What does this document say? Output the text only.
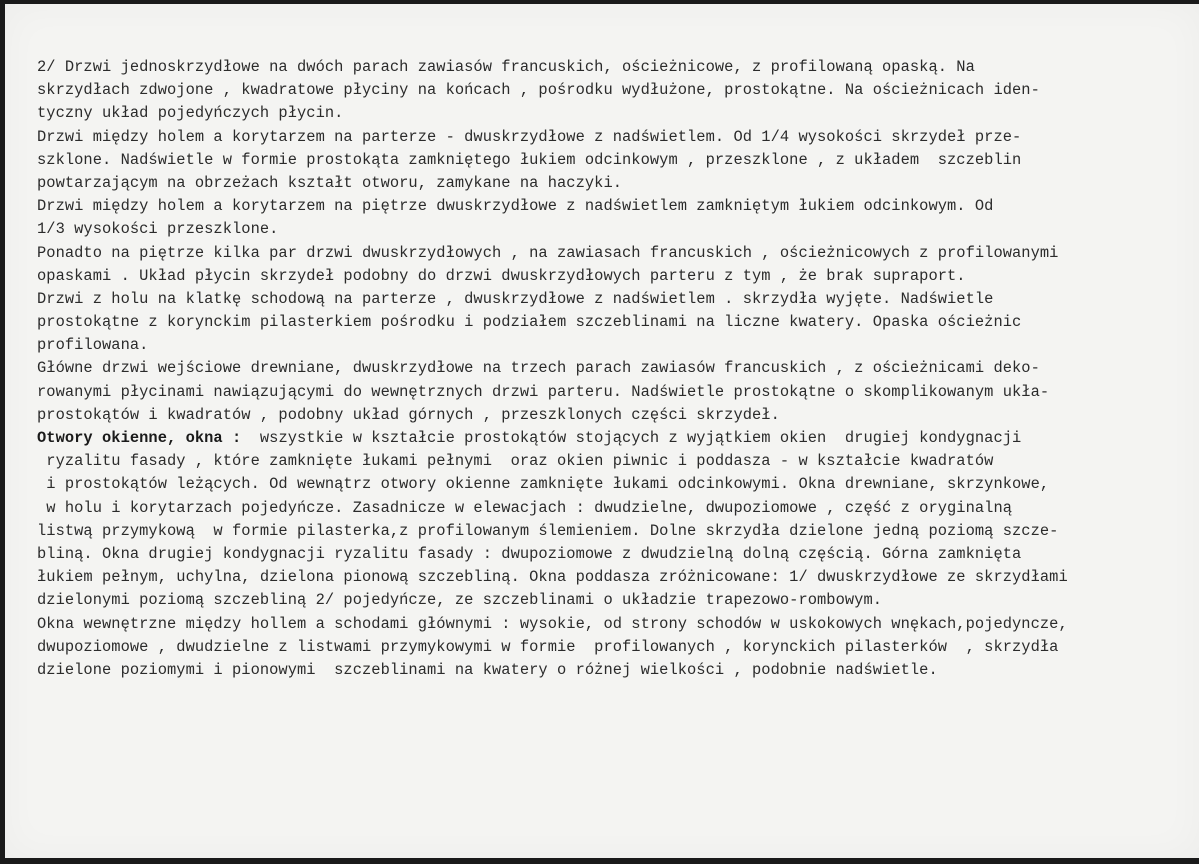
2/ Drzwi jednoskrzydłowe na dwóch parach zawiasów francuskich, ościeżnicowe, z profilowaną opaską. Na
skrzydłach zdwojone , kwadratowe płyciny na końcach , pośrodku wydłużone, prostokątne. Na ościeżnicach iden-
tyczny układ pojedyńczych płycin.
Drzwi między holem a korytarzem na parterze - dwuskrzydłowe z nadświetlem. Od 1/4 wysokości skrzydeł prze-
szklone. Nadświetle w formie prostokąta zamkniętego łukiem odcinkowym , przeszklone , z układem  szczeblin
powtarzającym na obrzeżach kształt otworu, zamykane na haczyki.
Drzwi między holem a korytarzem na piętrze dwuskrzydłowe z nadświetlem zamkniętym łukiem odcinkowym. Od
1/3 wysokości przeszklone.
Ponadto na piętrze kilka par drzwi dwuskrzydłowych , na zawiasach francuskich , ościeżnicowych z profilowanymi
opaskami . Układ płycin skrzydeł podobny do drzwi dwuskrzydłowych parteru z tym , że brak supraport.
Drzwi z holu na klatkę schodową na parterze , dwuskrzydłowe z nadświetlem . skrzydła wyjęte. Nadświetle
prostokątne z korynckim pilasterkiem pośrodku i podziałem szczeblinami na liczne kwatery. Opaska ościeżnic
profilowana.
Główne drzwi wejściowe drewniane, dwuskrzydłowe na trzech parach zawiasów francuskich , z ościeżnicami deko-
rowanymi płycinami nawiązującymi do wewnętrznych drzwi parteru. Nadświetle prostokątne o skomplikowanym ukła-
prostokątów i kwadratów , podobny układ górnych , przeszklonych części skrzydeł.
Otwory okienne, okna :  wszystkie w kształcie prostokątów stojących z wyjątkiem okien  drugiej kondygnacji
ryzalitu fasady , które zamknięte łukami pełnymi  oraz okien piwnic i poddasza - w kształcie kwadratów
i prostokątów leżących. Od wewnątrz otwory okienne zamknięte łukami odcinkowymi. Okna drewniane, skrzynkowe,
w holu i korytarzach pojedyńcze. Zasadnicze w elewacjach : dwudzielne, dwupoziomowe , część z oryginalną
listwą przymykową  w formie pilasterka,z profilowanym ślemieniem. Dolne skrzydła dzielone jedną poziomą szcze-
bliną. Okna drugiej kondygnacji ryzalitu fasady : dwupoziomowe z dwudzielną dolną częścią. Górna zamknięta
łukiem pełnym, uchylna, dzielona pionową szczebliną. Okna poddasza zróżnicowane: 1/ dwuskrzydłowe ze skrzydłami
dzielonymi poziomą szczebliną 2/ pojedyńcze, ze szczeblinami o układzie trapezowo-rombowym.
Okna wewnętrzne między hollem a schodami głównymi : wysokie, od strony schodów w uskokowych wnękach,pojedyncze,
dwupoziomowe , dwudzielne z listwami przymykowymi w formie  profilowanych , korynckich pilasterków  , skrzydła
dzielone poziomymi i pionowymi  szczeblinami na kwatery o różnej wielkości , podobnie nadświetle.
